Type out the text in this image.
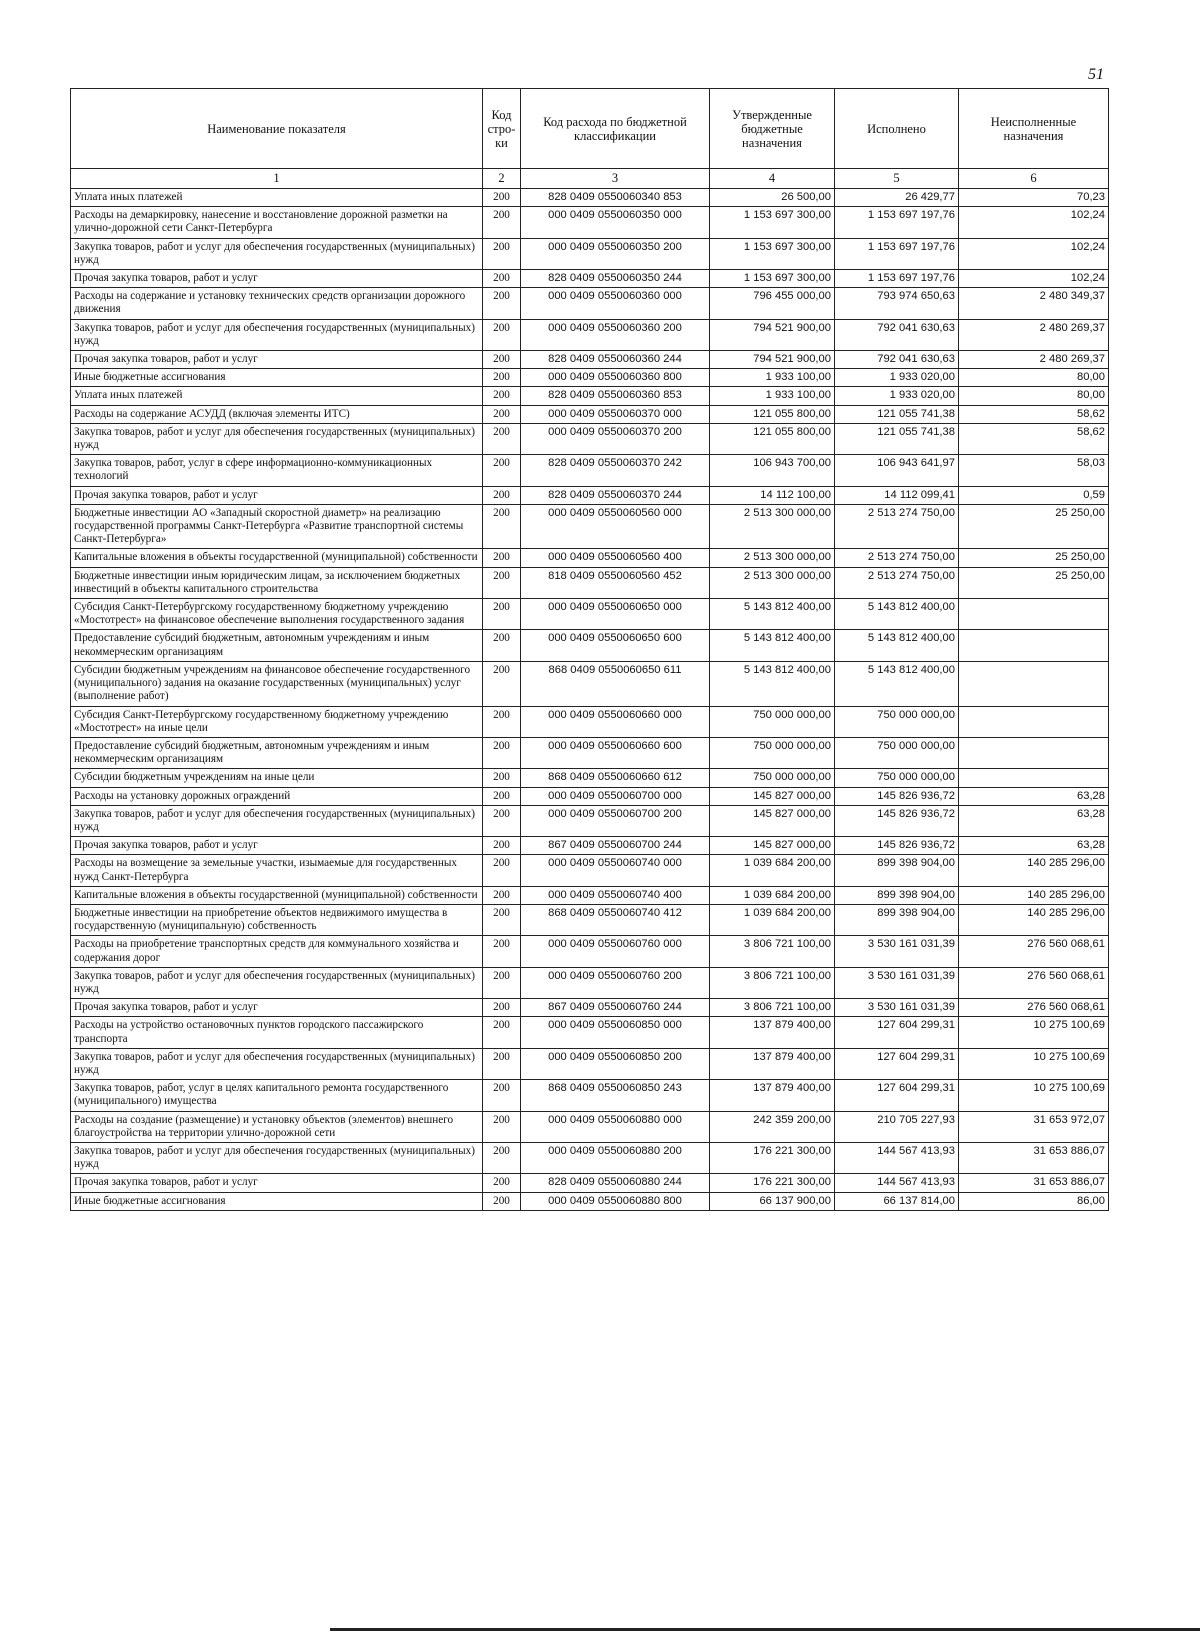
51
Наименование показателя	Код стро- ки	Код расхода по бюджетной классификации	Утвержденные бюджетные назначения	Исполнено	Неисполненные назначения
1	2	3	4	5	6
Уплата иных платежей	200	828 0409 0550060340 853	26 500,00	26 429,77	70,23
Расходы на демаркировку, нанесение и восстановление дорожной разметки на улично-дорожной сети Санкт-Петербурга	200	000 0409 0550060350 000	1 153 697 300,00	1 153 697 197,76	102,24
Закупка товаров, работ и услуг для обеспечения государственных (муниципальных) нужд	200	000 0409 0550060350 200	1 153 697 300,00	1 153 697 197,76	102,24
Прочая закупка товаров, работ и услуг	200	828 0409 0550060350 244	1 153 697 300,00	1 153 697 197,76	102,24
Расходы на содержание и установку технических средств организации дорожного движения	200	000 0409 0550060360 000	796 455 000,00	793 974 650,63	2 480 349,37
Закупка товаров, работ и услуг для обеспечения государственных (муниципальных) нужд	200	000 0409 0550060360 200	794 521 900,00	792 041 630,63	2 480 269,37
Прочая закупка товаров, работ и услуг	200	828 0409 0550060360 244	794 521 900,00	792 041 630,63	2 480 269,37
Иные бюджетные ассигнования	200	000 0409 0550060360 800	1 933 100,00	1 933 020,00	80,00
Уплата иных платежей	200	828 0409 0550060360 853	1 933 100,00	1 933 020,00	80,00
Расходы на содержание АСУДД (включая элементы ИТС)	200	000 0409 0550060370 000	121 055 800,00	121 055 741,38	58,62
Закупка товаров, работ и услуг для обеспечения государственных (муниципальных) нужд	200	000 0409 0550060370 200	121 055 800,00	121 055 741,38	58,62
Закупка товаров, работ, услуг в сфере информационно-коммуникационных технологий	200	828 0409 0550060370 242	106 943 700,00	106 943 641,97	58,03
Прочая закупка товаров, работ и услуг	200	828 0409 0550060370 244	14 112 100,00	14 112 099,41	0,59
Бюджетные инвестиции АО «Западный скоростной диаметр» на реализацию государственной программы Санкт-Петербурга «Развитие транспортной системы Санкт-Петербурга»	200	000 0409 0550060560 000	2 513 300 000,00	2 513 274 750,00	25 250,00
Капитальные вложения в объекты государственной (муниципальной) собственности	200	000 0409 0550060560 400	2 513 300 000,00	2 513 274 750,00	25 250,00
Бюджетные инвестиции иным юридическим лицам, за исключением бюджетных инвестиций в объекты капитального строительства	200	818 0409 0550060560 452	2 513 300 000,00	2 513 274 750,00	25 250,00
Субсидия Санкт-Петербургскому государственному бюджетному учреждению «Мостотрест» на финансовое обеспечение выполнения государственного задания	200	000 0409 0550060650 000	5 143 812 400,00	5 143 812 400,00	
Предоставление субсидий бюджетным, автономным учреждениям и иным некоммерческим организациям	200	000 0409 0550060650 600	5 143 812 400,00	5 143 812 400,00	
Субсидии бюджетным учреждениям на финансовое обеспечение государственного (муниципального) задания на оказание государственных (муниципальных) услуг (выполнение работ)	200	868 0409 0550060650 611	5 143 812 400,00	5 143 812 400,00	
Субсидия Санкт-Петербургскому государственному бюджетному учреждению «Мостотрест» на иные цели	200	000 0409 0550060660 000	750 000 000,00	750 000 000,00	
Предоставление субсидий бюджетным, автономным учреждениям и иным некоммерческим организациям	200	000 0409 0550060660 600	750 000 000,00	750 000 000,00	
Субсидии бюджетным учреждениям на иные цели	200	868 0409 0550060660 612	750 000 000,00	750 000 000,00	
Расходы на установку дорожных ограждений	200	000 0409 0550060700 000	145 827 000,00	145 826 936,72	63,28
Закупка товаров, работ и услуг для обеспечения государственных (муниципальных) нужд	200	000 0409 0550060700 200	145 827 000,00	145 826 936,72	63,28
Прочая закупка товаров, работ и услуг	200	867 0409 0550060700 244	145 827 000,00	145 826 936,72	63,28
Расходы на возмещение за земельные участки, изымаемые для государственных нужд Санкт-Петербурга	200	000 0409 0550060740 000	1 039 684 200,00	899 398 904,00	140 285 296,00
Капитальные вложения в объекты государственной (муниципальной) собственности	200	000 0409 0550060740 400	1 039 684 200,00	899 398 904,00	140 285 296,00
Бюджетные инвестиции на приобретение объектов недвижимого имущества в государственную (муниципальную) собственность	200	868 0409 0550060740 412	1 039 684 200,00	899 398 904,00	140 285 296,00
Расходы на приобретение транспортных средств для коммунального хозяйства и содержания дорог	200	000 0409 0550060760 000	3 806 721 100,00	3 530 161 031,39	276 560 068,61
Закупка товаров, работ и услуг для обеспечения государственных (муниципальных) нужд	200	000 0409 0550060760 200	3 806 721 100,00	3 530 161 031,39	276 560 068,61
Прочая закупка товаров, работ и услуг	200	867 0409 0550060760 244	3 806 721 100,00	3 530 161 031,39	276 560 068,61
Расходы на устройство остановочных пунктов городского пассажирского транспорта	200	000 0409 0550060850 000	137 879 400,00	127 604 299,31	10 275 100,69
Закупка товаров, работ и услуг для обеспечения государственных (муниципальных) нужд	200	000 0409 0550060850 200	137 879 400,00	127 604 299,31	10 275 100,69
Закупка товаров, работ, услуг в целях капитального ремонта государственного (муниципального) имущества	200	868 0409 0550060850 243	137 879 400,00	127 604 299,31	10 275 100,69
Расходы на создание (размещение) и установку объектов (элементов) внешнего благоустройства на территории улично-дорожной сети	200	000 0409 0550060880 000	242 359 200,00	210 705 227,93	31 653 972,07
Закупка товаров, работ и услуг для обеспечения государственных (муниципальных) нужд	200	000 0409 0550060880 200	176 221 300,00	144 567 413,93	31 653 886,07
Прочая закупка товаров, работ и услуг	200	828 0409 0550060880 244	176 221 300,00	144 567 413,93	31 653 886,07
Иные бюджетные ассигнования	200	000 0409 0550060880 800	66 137 900,00	66 137 814,00	86,00
